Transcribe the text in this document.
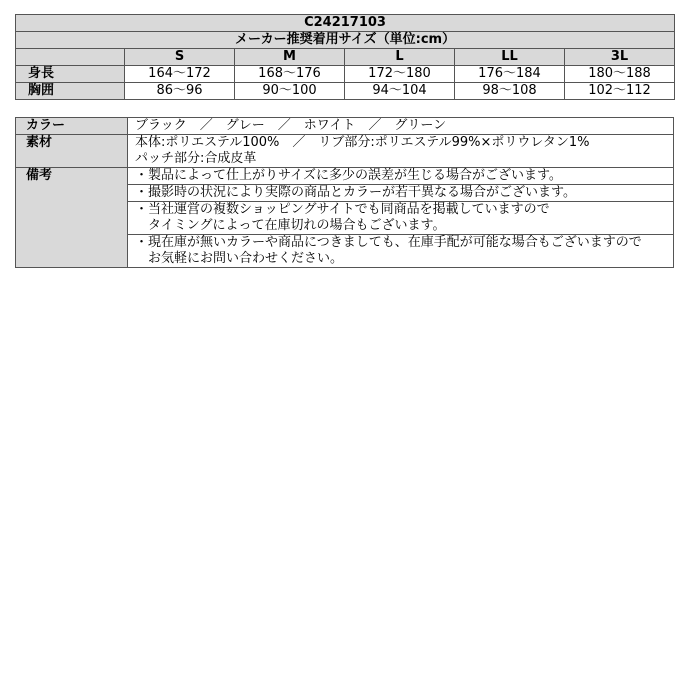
C24217103					
メーカー推奨着用サイズ（単位:cm）					
	S	M	L	LL	3L
身長	164～172	168～176	172～180	176～184	180～188
胸囲	86～96	90～100	94～104	98～108	102～112
カラー	ブラック　／　グレー　／　ホワイト　／　グリーン

素材	本体:ポリエステル100%　／　リブ部分:ポリエステル99%×ポリウレタン1%
パッチ部分:合成皮革

備考	・製品によって仕上がりサイズに多少の誤差が生じる場合がございます。

	・撮影時の状況により実際の商品とカラーが若干異なる場合がございます。

	・当社運営の複数ショッピングサイトでも同商品を掲載していますので
　タイミングによって在庫切れの場合もございます。

	・現在庫が無いカラーや商品につきましても、在庫手配が可能な場合もございますので
　お気軽にお問い合わせください。
